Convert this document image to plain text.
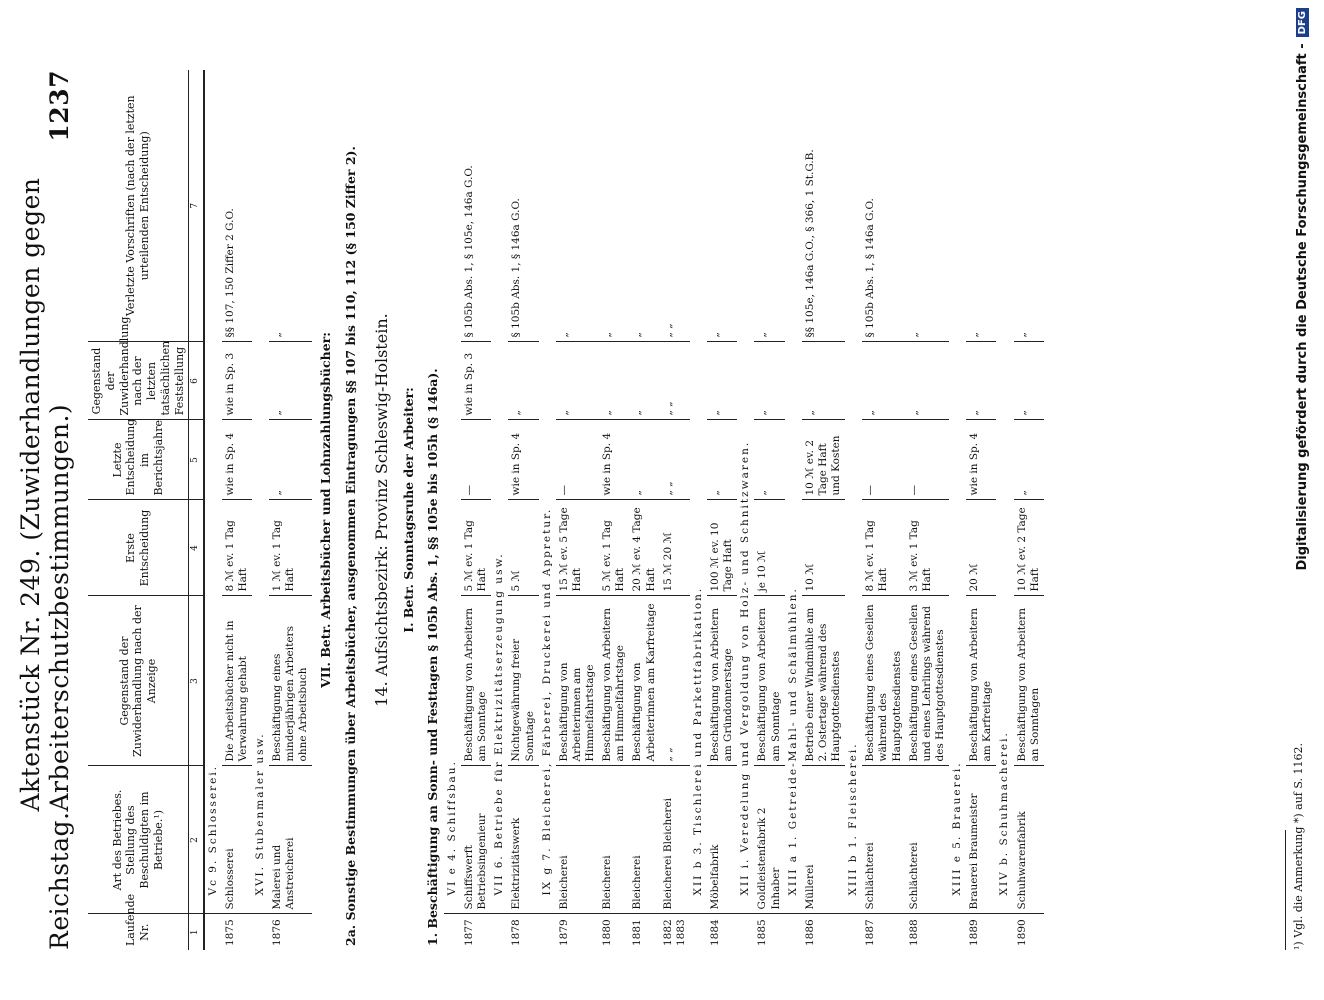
Reichstag.
Aktenstück Nr. 249. (Zuwiderhandlungen gegen Arbeiterschutzbestimmungen.)
1237
Laufende Nr.	Art des Betriebes. Stellung des Beschuldigten im Betriebe.¹)	Gegenstand der Zuwiderhandlung nach der Anzeige	Erste Entscheidung	Letzte Entscheidung im Berichtsjahre	Gegenstand der Zuwiderhandlung nach der letzten tatsächlichen Feststellung	Verletzte Vorschriften (nach der letzten urteilenden Entscheidung)
1	2	3	4	5	6	7

	Vc 9. Schlosserei.					

1875	Schlosserei	Die Arbeitsbücher nicht in Verwahrung gehabt	8 ℳ ev. 1 Tag Haft	wie in Sp. 4	wie in Sp. 3	§§ 107, 150 Ziffer 2 G.O.

	XVI. Stubenmaler usw.					

1876	Malerei und Anstreicherei	Beschäftigung eines minderjährigen Arbeiters ohne Arbeitsbuch	1 ℳ ev. 1 Tag Haft	„	„	„
VII. Betr. Arbeitsbücher und Lohnzahlungsbücher:						
2a. Sonstige Bestimmungen über Arbeitsbücher, ausgenommen Eintragungen §§ 107 bis 110, 112 (§ 150 Ziffer 2).						
14. Aufsichtsbezirk: Provinz Schleswig-Holstein.						
I. Betr. Sonntagsruhe der Arbeiter:						
1. Beschäftigung an Sonn- und Festtagen § 105b Abs. 1, §§ 105e bis 105h (§ 146a).						

	VI e 4. Schiffsbau.					

1877	Schiffswerft Betriebsingenieur	Beschäftigung von Arbeitern am Sonntage	5 ℳ ev. 1 Tag Haft	—	wie in Sp. 3	§ 105b Abs. 1, § 105e, 146a G.O.

	VII 6. Betriebe für Elektrizitätserzeugung usw.					

1878	Elektrizitätswerk	Nichtgewährung freier Sonntage	5 ℳ	wie in Sp. 4	„	§ 105b Abs. 1, § 146a G.O.

	IX g 7. Bleicherei, Färberei, Druckerei und Appretur.					

1879	Bleicherei	Beschäftigung von Arbeiterinnen am Himmelfahrtstage	15 ℳ ev. 5 Tage Haft	—	„	„
1880	Bleicherei	Beschäftigung von Arbeitern am Himmelfahrtstage	5 ℳ ev. 1 Tag Haft	wie in Sp. 4	„	„
1881	Bleicherei	Beschäftigung von Arbeiterinnen am Karfreitage	20 ℳ ev. 4 Tage Haft	„	„	„
1882 1883	Bleicherei Bleicherei	„ „	15 ℳ 20 ℳ	„ „	„ „	„ „

	XII b 3. Tischlerei und Parkettfabrikation.					

1884	Möbelfabrik	Beschäftigung von Arbeitern am Gründonnerstage	100 ℳ ev. 10 Tage Haft	„	„	„

	XII i. Veredelung und Vergoldung von Holz- und Schnitzwaren.					

1885	Goldleistenfabrik 2 Inhaber	Beschäftigung von Arbeitern am Sonntage	je 10 ℳ	„	„	„

	XIII a 1. Getreide-Mahl- und Schälmühlen.					

1886	Müllerei	Betrieb einer Windmühle am 2. Ostertage während des Hauptgottesdienstes	10 ℳ	10 ℳ ev. 2 Tage Haft und Kosten	„	§§ 105e, 146a G.O., § 366, 1 St.G.B.

	XIII b 1. Fleischerei.					

1887	Schlächterei	Beschäftigung eines Gesellen während des Hauptgottesdienstes	8 ℳ ev. 1 Tag Haft	—	„	§ 105b Abs. 1, § 146a G.O.
1888	Schlächterei	Beschäftigung eines Gesellen und eines Lehrlings während des Hauptgottesdienstes	3 ℳ ev. 1 Tag Haft	—	„	„

	XIII e 5. Brauerei.					

1889	Brauerei Braumeister	Beschäftigung von Arbeitern am Karfreitage	20 ℳ	wie in Sp. 4	„	„

	XIV b. Schuhmacherei.					

1890	Schuhwarenfabrik	Beschäftigung von Arbeitern an Sonntagen	10 ℳ ev. 2 Tage Haft	„	„	„
¹) Vgl. die Anmerkung *) auf S. 1162.
Digitalisierung gefördert durch die Deutsche Forschungsgemeinschaft -
DFG
